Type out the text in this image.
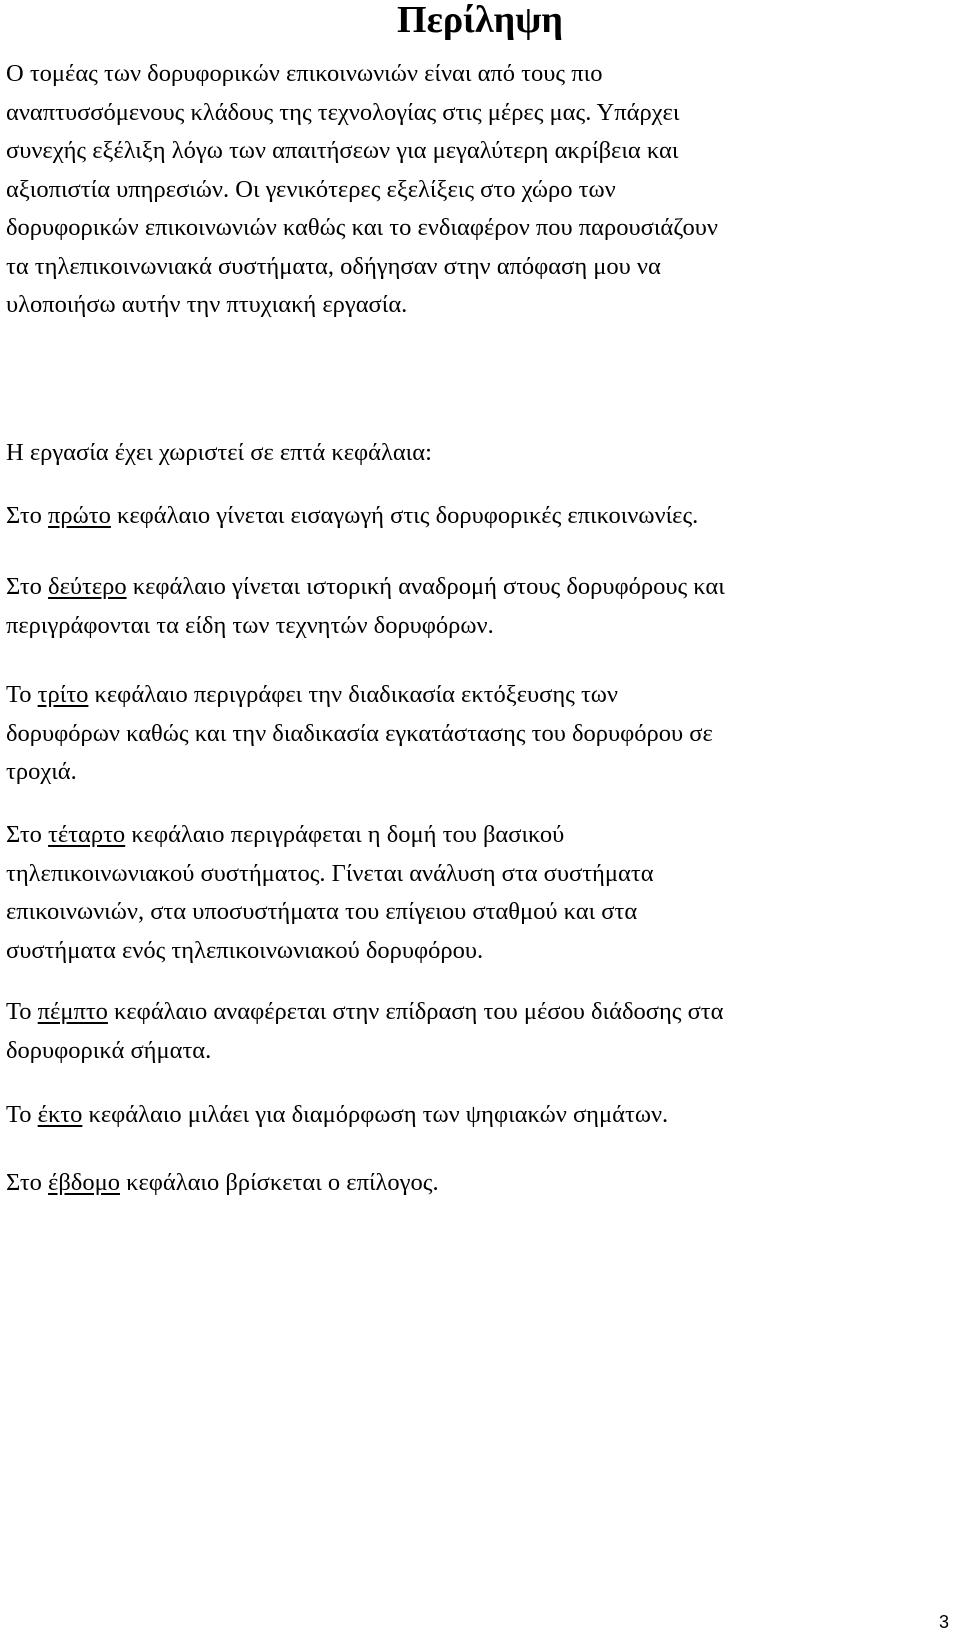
Περίληψη

Ο τομέας των δορυφορικών επικοινωνιών είναι από τους πιο
αναπτυσσόμενους κλάδους της τεχνολογίας στις μέρες μας. Υπάρχει
συνεχής εξέλιξη λόγω των απαιτήσεων για μεγαλύτερη ακρίβεια και
αξιοπιστία υπηρεσιών. Οι γενικότερες εξελίξεις στο χώρο των
δορυφορικών επικοινωνιών καθώς και το ενδιαφέρον που παρουσιάζουν
τα τηλεπικοινωνιακά συστήματα, οδήγησαν στην απόφαση μου να
υλοποιήσω αυτήν την πτυχιακή εργασία.

Η εργασία έχει χωριστεί σε επτά κεφάλαια:

Στο πρώτο κεφάλαιο γίνεται εισαγωγή στις δορυφορικές επικοινωνίες.

Στο δεύτερο κεφάλαιο γίνεται ιστορική αναδρομή στους δορυφόρους και
περιγράφονται τα είδη των τεχνητών δορυφόρων.

Το τρίτο κεφάλαιο περιγράφει την διαδικασία εκτόξευσης των
δορυφόρων καθώς και την διαδικασία εγκατάστασης του δορυφόρου σε
τροχιά.

Στο τέταρτο κεφάλαιο περιγράφεται η δομή του βασικού
τηλεπικοινωνιακού συστήματος. Γίνεται ανάλυση στα συστήματα
επικοινωνιών, στα υποσυστήματα του επίγειου σταθμού και στα
συστήματα ενός τηλεπικοινωνιακού δορυφόρου.

Το πέμπτο κεφάλαιο αναφέρεται στην επίδραση του μέσου διάδοσης στα
δορυφορικά σήματα.

Το έκτο κεφάλαιο μιλάει για διαμόρφωση των ψηφιακών σημάτων.

Στο έβδομο κεφάλαιο βρίσκεται ο επίλογος.

3
